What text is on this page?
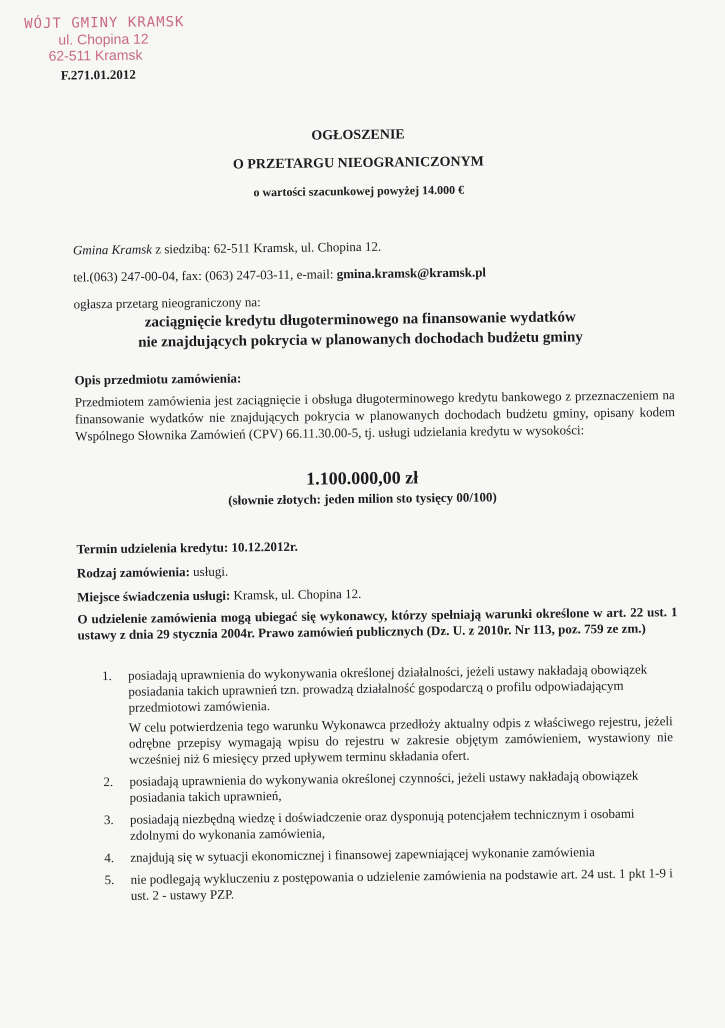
WÓJT GMINY KRAMSK
ul. Chopina 12
62-511 Kramsk
F.271.01.2012
OGŁOSZENIE
O PRZETARGU NIEOGRANICZONYM
o wartości szacunkowej powyżej 14.000 €

Gmina Kramsk z siedzibą: 62-511 Kramsk, ul. Chopina 12.

tel.(063) 247-00-04, fax: (063) 247-03-11, e-mail: gmina.kramsk@kramsk.pl

ogłasza przetarg nieograniczony na:

zaciągnięcie kredytu długoterminowego na finansowanie wydatków
nie znajdujących pokrycia w planowanych dochodach budżetu gminy
Opis przedmiotu zamówienia:
Przedmiotem zamówienia jest zaciągnięcie i obsługa długoterminowego kredytu bankowego z przeznaczeniem na finansowanie wydatków nie znajdujących pokrycia w planowanych dochodach budżetu gminy, opisany kodem Wspólnego Słownika Zamówień (CPV) 66.11.30.00-5, tj. usługi udzielania kredytu w wysokości:
1.100.000,00 zł
(słownie złotych: jeden milion sto tysięcy 00/100)
Termin udzielenia kredytu: 10.12.2012r.
Rodzaj zamówienia: usługi.
Miejsce świadczenia usługi: Kramsk, ul. Chopina 12.
O udzielenie zamówienia mogą ubiegać się wykonawcy, którzy spełniają warunki określone w art. 22 ust. 1 ustawy z dnia 29 stycznia 2004r. Prawo zamówień publicznych (Dz. U. z 2010r. Nr 113, poz. 759 ze zm.)
1. posiadają uprawnienia do wykonywania określonej działalności, jeżeli ustawy nakładają obowiązek posiadania takich uprawnień tzn. prowadzą działalność gospodarczą o profilu odpowiadającym przedmiotowi zamówienia.
W celu potwierdzenia tego warunku Wykonawca przedłoży aktualny odpis z właściwego rejestru, jeżeli odrębne przepisy wymagają wpisu do rejestru w zakresie objętym zamówieniem, wystawiony nie wcześniej niż 6 miesięcy przed upływem terminu składania ofert.
2. posiadają uprawnienia do wykonywania określonej czynności, jeżeli ustawy nakładają obowiązek posiadania takich uprawnień,
3. posiadają niezbędną wiedzę i doświadczenie oraz dysponują potencjałem technicznym i osobami zdolnymi do wykonania zamówienia,
4. znajdują się w sytuacji ekonomicznej i finansowej zapewniającej wykonanie zamówienia
5. nie podlegają wykluczeniu z postępowania o udzielenie zamówienia na podstawie art. 24 ust. 1 pkt 1-9 i ust. 2 - ustawy PZP.
